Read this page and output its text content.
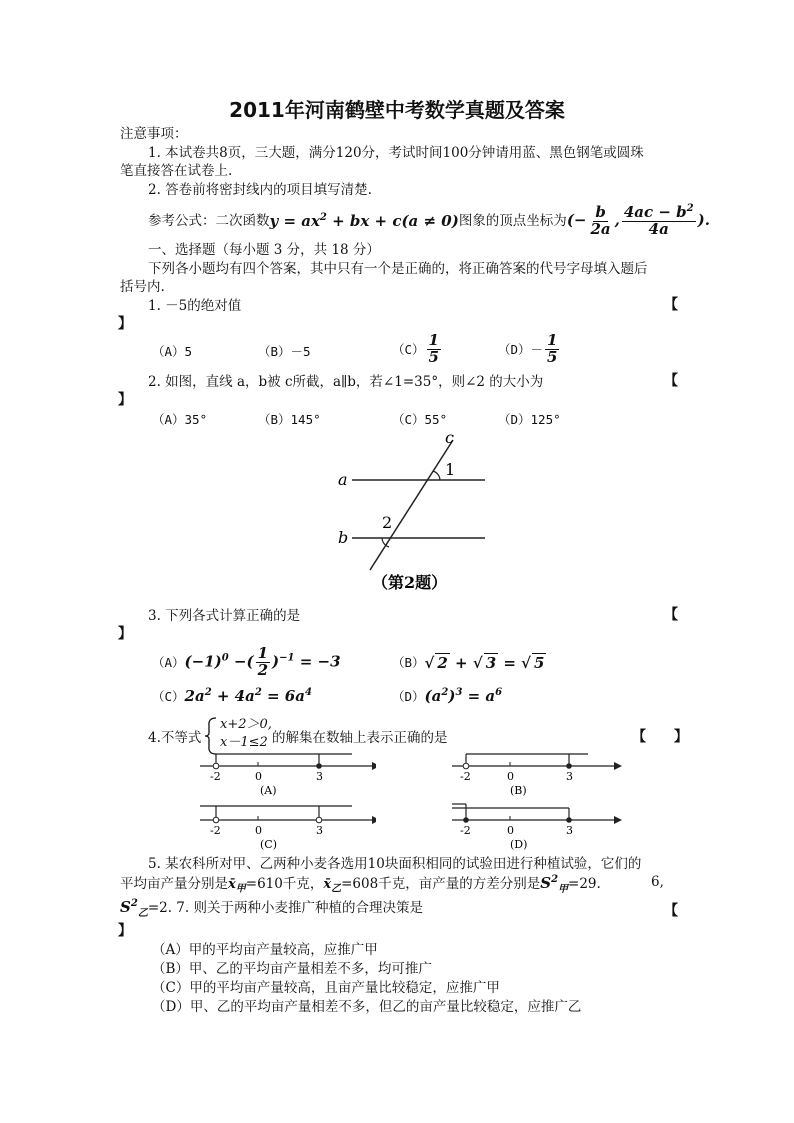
2011年河南鹤壁中考数学真题及答案
注意事项：
1. 本试卷共8页，三大题，满分120分，考试时间100分钟请用蓝、黑色钢笔或圆珠
笔直接答在试卷上.
2. 答卷前将密封线内的项目填写清楚.
参考公式：二次函数 $y = ax^2$ + bx + c(a ≠ 0) 图象的顶点坐标为 (− $\frac{b}{2a}$ , $\frac{4ac - b^2}{4a}$ ).
一、选择题（每小题 3 分，共 18 分）
下列各小题均有四个答案，其中只有一个是正确的，将正确答案的代号字母填入题后
括号内.
1. －5的绝对值	【
】
（A）5	（B）－5	$(C) \frac{1}{5}$	$(D)- \frac{1}{5}$
2. 如图，直线 a，b被 c所截，a∥b，若∠1=35°，则∠2 的大小为	【
】
（A）35°	（B）145°	（C）55°	（D）125°
a
b
c
1
2
（第2题）
3. 下列各式计算正确的是	【
】
（A） $(-1)^0$ −( $\frac{1}{2} )^{-1} = -3$	（B） √ 2 + √ 3 = √ 5
（C） $2a^2 + 4a^2 = 6a^4$	（D） $(a^2)^3 = a^6$
4.不等式
x+2＞0,
x－1≤2 的解集在数轴上表示正确的是	【　　】
-2	0	3
(A)
-2	0	3
(B)
-2	0	3
(C)
-2	0	3
(D)
5. 某农科所对甲、乙两种小麦各选用10块面积相同的试验田进行种植试验，它们的
平均亩产量分别是 $x̄_甲 =610$千克， $x̄_乙 =608$千克，亩产量的方差分别是 $S^2_甲 =29$.	6,
$S^2_乙 =2$. 7. 则关于两种小麦推广种植的合理决策是	【
】
（A）甲的平均亩产量较高，应推广甲
（B）甲、乙的平均亩产量相差不多，均可推广
（C）甲的平均亩产量较高，且亩产量比较稳定，应推广甲
（D）甲、乙的平均亩产量相差不多，但乙的亩产量比较稳定，应推广乙
